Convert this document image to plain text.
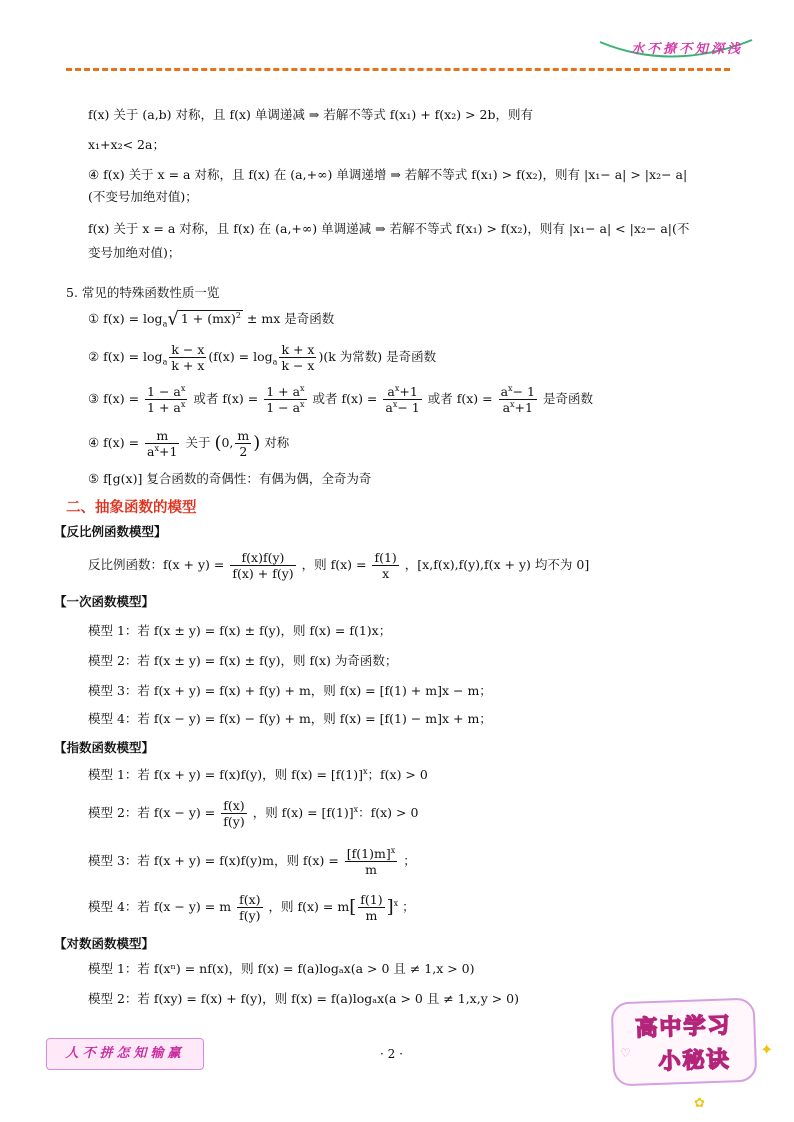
水不撩不知深浅
f(x) 关于 (a,b) 对称，且 f(x) 单调递减 ⇒ 若解不等式 f(x₁) + f(x₂) > 2b，则有
x₁+x₂< 2a；
④ f(x) 关于 x = a 对称，且 f(x) 在 (a,+∞) 单调递增 ⇒ 若解不等式 f(x₁) > f(x₂)，则有 |x₁− a| > |x₂− a|
(不变号加绝对值)；
f(x) 关于 x = a 对称，且 f(x) 在 (a,+∞) 单调递减 ⇒ 若解不等式 f(x₁) > f(x₂)，则有 |x₁− a| < |x₂− a|(不
变号加绝对值)；
5. 常见的特殊函数性质一览
① $f(x) = \log_a√$ 1 + (mx)$^2$ ± mx 是奇函数
② $f(x) = \log_a \frac{k - x}{k + x} (f(x) = \log_a \frac{k + x}{k - x} )(k$ 为常数) 是奇函数
③ $f(x) = \frac{1 - a^x}{1 + a^x}$ 或者 $f(x) = \frac{1 + a^x}{1 - a^x}$ 或者 $f(x) = \frac{a^x+1}{a^x- 1}$ 或者 $f(x) = \frac{a^x- 1}{a^x+1}$ 是奇函数
④ $f(x) = \frac{m}{a^x+1}$ 关于 (0, $\frac{m}{2}$ ) 对称
⑤ f[g(x)] 复合函数的奇偶性：有偶为偶，全奇为奇
二、抽象函数的模型
【反比例函数模型】
反比例函数：$f(x + y) = \frac{f(x)f(y)}{f(x) + f(y)}$ ，则 $f(x) = \frac{f(1)}{x}$ ，[x,f(x),f(y),f(x + y) 均不为 0]
【一次函数模型】
模型 1：若 f(x ± y) = f(x) ± f(y)，则 f(x) = f(1)x；
模型 2：若 f(x ± y) = f(x) ± f(y)，则 f(x) 为奇函数；
模型 3：若 f(x + y) = f(x) + f(y) + m，则 f(x) = [f(1) + m]x − m；
模型 4：若 f(x − y) = f(x) − f(y) + m，则 f(x) = [f(1) − m]x + m；
【指数函数模型】
模型 1：若 f(x + y) = f(x)f(y)，则 $f(x) = [f(1)]^x$；f(x) > 0
模型 2：若 $f(x - y) = \frac{f(x)}{f(y)}$ ，则 $f(x) = [f(1)]^x$：f(x) > 0
模型 3：若 f(x + y) = f(x)f(y)m，则 $f(x) = \frac{[f(1)m]^x}{m}$ ；
模型 4：若 f(x − y) = m $\frac{f(x)}{f(y)}$ ，则 $f(x) = m[ \frac{f(1)}{m} ]^x$ ；
【对数函数模型】
模型 1：若 f(xⁿ) = nf(x)，则 f(x) = f(a)logₐx(a > 0 且 ≠ 1,x > 0)
模型 2：若 f(xy) = f(x) + f(y)，则 f(x) = f(a)logₐx(a > 0 且 ≠ 1,x,y > 0)
人不拼怎知输赢	· 2 ·
高中学习
小秘诀	✦
✿
♡
